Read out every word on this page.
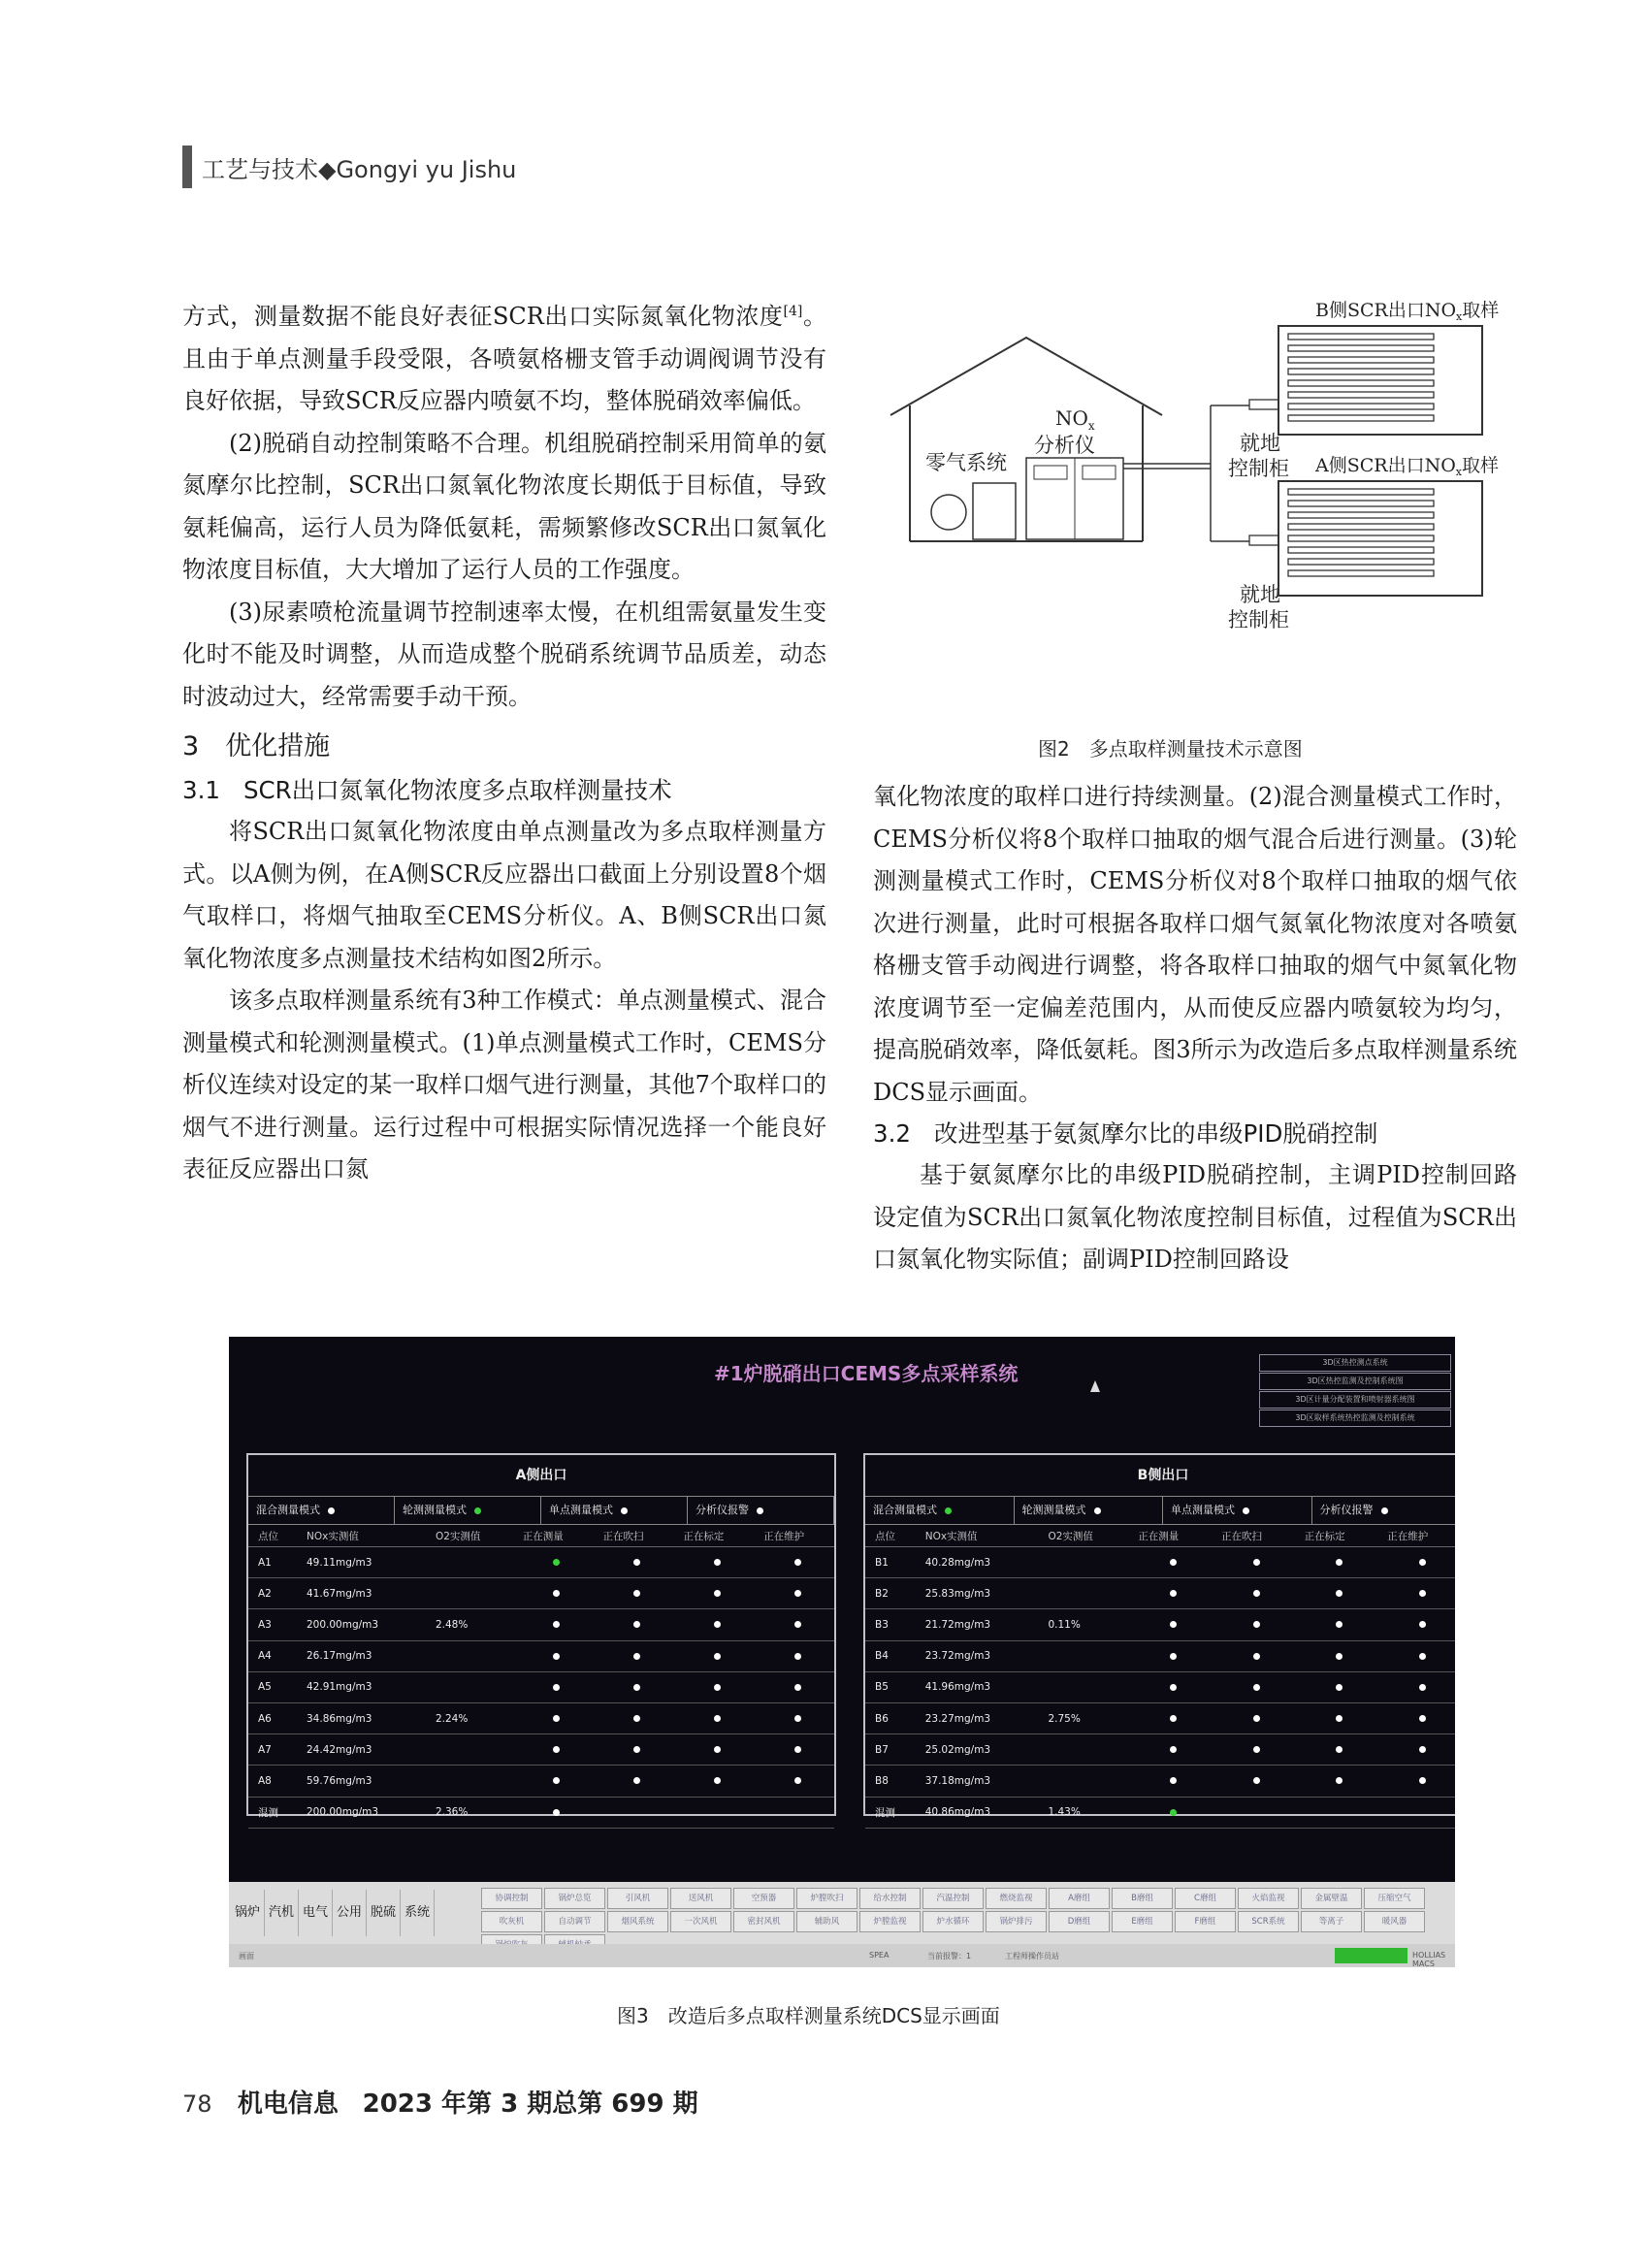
工艺与技术◆Gongyi yu Jishu

方式，测量数据不能良好表征SCR出口实际氮氧化物浓度[4]。且由于单点测量手段受限，各喷氨格栅支管手动调阀调节没有良好依据，导致SCR反应器内喷氨不均，整体脱硝效率偏低。

(2)脱硝自动控制策略不合理。机组脱硝控制采用简单的氨氮摩尔比控制，SCR出口氮氧化物浓度长期低于目标值，导致氨耗偏高，运行人员为降低氨耗，需频繁修改SCR出口氮氧化物浓度目标值，大大增加了运行人员的工作强度。

(3)尿素喷枪流量调节控制速率太慢，在机组需氨量发生变化时不能及时调整，从而造成整个脱硝系统调节品质差，动态时波动过大，经常需要手动干预。

3　优化措施
3.1 SCR出口氮氧化物浓度多点取样测量技术

将SCR出口氮氧化物浓度由单点测量改为多点取样测量方式。以A侧为例，在A侧SCR反应器出口截面上分别设置8个烟气取样口，将烟气抽取至CEMS分析仪。A、B侧SCR出口氮氧化物浓度多点测量技术结构如图2所示。

该多点取样测量系统有3种工作模式：单点测量模式、混合测量模式和轮测测量模式。(1)单点测量模式工作时，CEMS分析仪连续对设定的某一取样口烟气进行测量，其他7个取样口的烟气不进行测量。运行过程中可根据实际情况选择一个能良好表征反应器出口氮

零气系统
$NO_x$
分析仪	就地
控制柜
就地
控制柜
B侧SCR出口$NO_x$取样
A侧SCR出口$NO_x$取样
图2　多点取样测量技术示意图

氧化物浓度的取样口进行持续测量。(2)混合测量模式工作时，CEMS分析仪将8个取样口抽取的烟气混合后进行测量。(3)轮测测量模式工作时，CEMS分析仪对8个取样口抽取的烟气依次进行测量，此时可根据各取样口烟气氮氧化物浓度对各喷氨格栅支管手动阀进行调整，将各取样口抽取的烟气中氮氧化物浓度调节至一定偏差范围内，从而使反应器内喷氨较为均匀，提高脱硝效率，降低氨耗。图3所示为改造后多点取样测量系统DCS显示画面。

3.2 改进型基于氨氮摩尔比的串级PID脱硝控制

基于氨氮摩尔比的串级PID脱硝控制，主调PID控制回路设定值为SCR出口氮氧化物浓度控制目标值，过程值为SCR出口氮氧化物实际值；副调PID控制回路设

#1炉脱硝出口CEMS多点采样系统	3D区热控测点系统
3D区热控监测及控制系统图
3D区计量分配装置和喷射器系统图
3D区取样系统热控监测及控制系统
A侧出口
混合测量模式	轮测测量模式	单点测量模式	分析仪报警
点位	NOx实测值	O2实测值	正在测量	正在吹扫	正在标定	正在维护
A1	49.11mg/m3					
A2	41.67mg/m3					
A3	200.00mg/m3	2.48%				
A4	26.17mg/m3					
A5	42.91mg/m3					
A6	34.86mg/m3	2.24%				
A7	24.42mg/m3					
A8	59.76mg/m3					
混测	200.00mg/m3	2.36%				
B侧出口
混合测量模式	轮测测量模式	单点测量模式	分析仪报警
点位	NOx实测值	O2实测值	正在测量	正在吹扫	正在标定	正在维护
B1	40.28mg/m3					
B2	25.83mg/m3					
B3	21.72mg/m3	0.11%				
B4	23.72mg/m3					
B5	41.96mg/m3					
B6	23.27mg/m3	2.75%				
B7	25.02mg/m3					
B8	37.18mg/m3					
混测	40.86mg/m3	1.43%				
锅炉 汽机 电气 公用 脱硫 系统
协调控制	锅炉总览	引风机	送风机	空预器	炉膛吹扫	给水控制	汽温控制	燃烧监视	A磨组	B磨组	C磨组	火焰监视	金属壁温	压缩空气
吹灰机	自动调节	烟风系统	一次风机	密封风机	辅助风	炉膛监视	炉水循环	锅炉排污	D磨组	E磨组	F磨组	SCR系统	等离子	暖风器
画面	SPEA	当前报警：1	工程师操作员站	HOLLIAS MACS
图3　改造后多点取样测量系统DCS显示画面
78 机电信息 2023 年第 3 期总第 699 期
